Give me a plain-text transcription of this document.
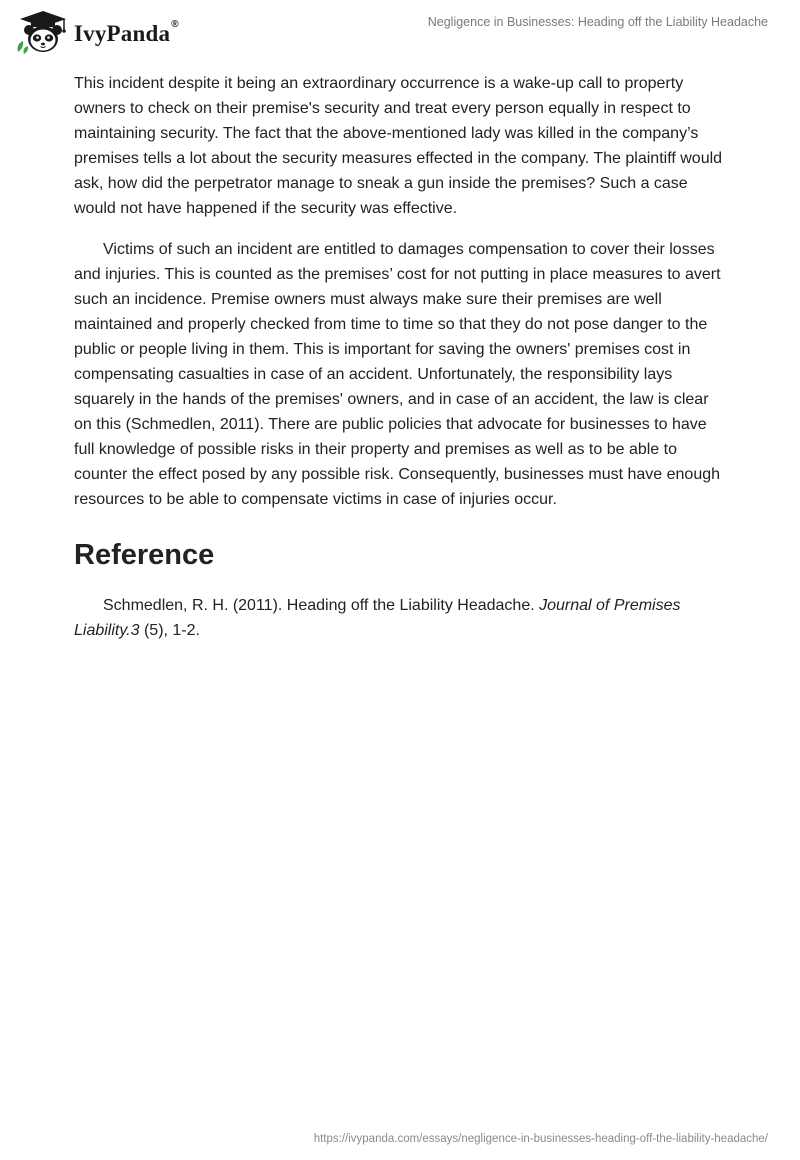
IvyPanda®	Negligence in Businesses: Heading off the Liability Headache

This incident despite it being an extraordinary occurrence is a wake-up call to property owners to check on their premise's security and treat every person equally in respect to maintaining security. The fact that the above-mentioned lady was killed in the company’s premises tells a lot about the security measures effected in the company. The plaintiff would ask, how did the perpetrator manage to sneak a gun inside the premises? Such a case would not have happened if the security was effective.

Victims of such an incident are entitled to damages compensation to cover their losses and injuries. This is counted as the premises’ cost for not putting in place measures to avert such an incidence. Premise owners must always make sure their premises are well maintained and properly checked from time to time so that they do not pose danger to the public or people living in them. This is important for saving the owners' premises cost in compensating casualties in case of an accident. Unfortunately, the responsibility lays squarely in the hands of the premises' owners, and in case of an accident, the law is clear on this (Schmedlen, 2011). There are public policies that advocate for businesses to have full knowledge of possible risks in their property and premises as well as to be able to counter the effect posed by any possible risk. Consequently, businesses must have enough resources to be able to compensate victims in case of injuries occur.

Reference

Schmedlen, R. H. (2011). Heading off the Liability Headache. Journal of Premises Liability.3 (5), 1-2.

https://ivypanda.com/essays/negligence-in-businesses-heading-off-the-liability-headache/
